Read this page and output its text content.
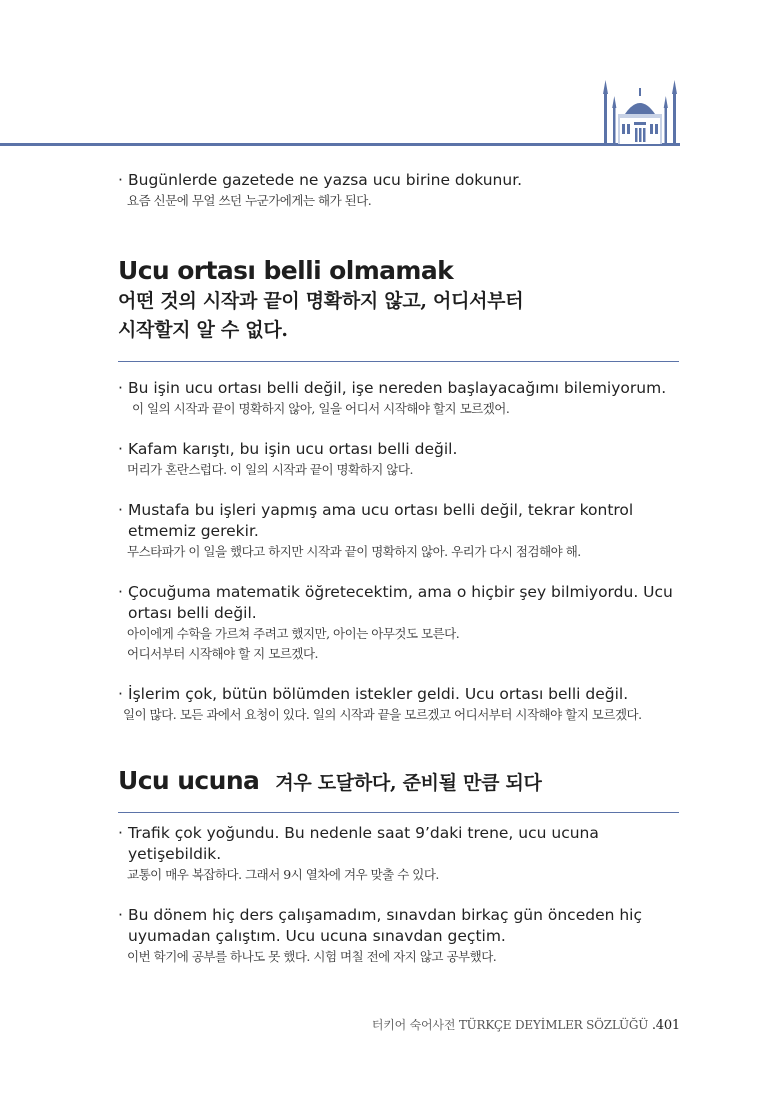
· Bugünlerde gazetede ne yazsa ucu birine dokunur.
요즘 신문에 무얼 쓰던 누군가에게는 해가 된다.
Ucu ortası belli olmamak
어떤 것의 시작과 끝이 명확하지 않고, 어디서부터
시작할지 알 수 없다.
· Bu işin ucu ortası belli değil, işe nereden başlayacağımı bilemiyorum.
이 일의 시작과 끝이 명확하지 않아, 일을 어디서 시작해야 할지 모르겠어.
· Kafam karıştı, bu işin ucu ortası belli değil.
머리가 혼란스럽다. 이 일의 시작과 끝이 명확하지 않다.
· Mustafa bu işleri yapmış ama ucu ortası belli değil, tekrar kontrol etmemiz gerekir.
무스타파가 이 일을 했다고 하지만 시작과 끝이 명확하지 않아. 우리가 다시 점검해야 해.
· Çocuğuma matematik öğretecektim, ama o hiçbir şey bilmiyordu. Ucu ortası belli değil.
아이에게 수학을 가르쳐 주려고 했지만, 아이는 아무것도 모른다.
어디서부터 시작해야 할 지 모르겠다.
· İşlerim çok, bütün bölümden istekler geldi. Ucu ortası belli değil.
일이 많다. 모든 과에서 요청이 있다. 일의 시작과 끝을 모르겠고 어디서부터 시작해야 할지 모르겠다.
Ucu ucuna 겨우 도달하다, 준비될 만큼 되다
· Trafik çok yoğundu. Bu nedenle saat 9’daki trene, ucu ucuna yetişebildik.
교통이 매우 복잡하다. 그래서 9시 열차에 겨우 맞출 수 있다.
· Bu dönem hiç ders çalışamadım, sınavdan birkaç gün önceden hiç uyumadan çalıştım. Ucu ucuna sınavdan geçtim.
이번 학기에 공부를 하나도 못 했다. 시험 며칠 전에 자지 않고 공부했다.
터키어 숙어사전 TÜRKÇE DEYİMLER SÖZLÜĞÜ .401
